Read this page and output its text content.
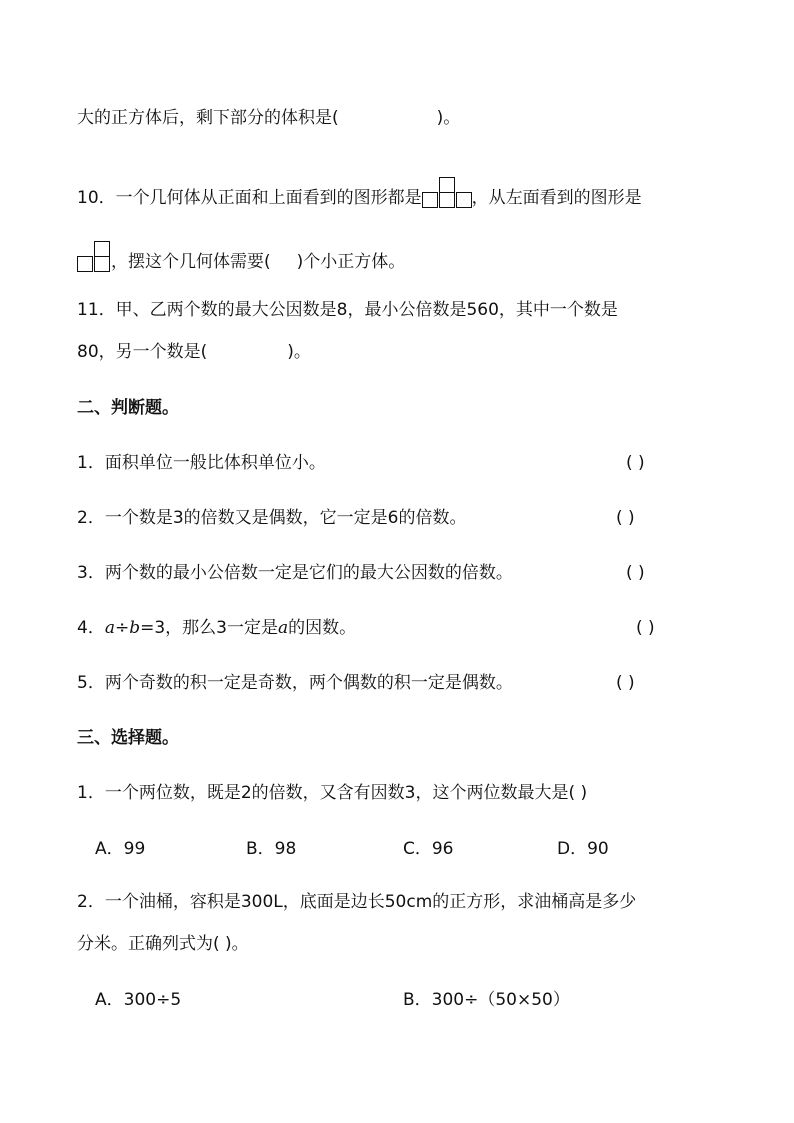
大的正方体后，剩下部分的体积是(	)。
10．一个几何体从正面和上面看到的图形都是	，从左面看到的图形是
，摆这个几何体需要( )个小正方体。
11．甲、乙两个数的最大公因数是8，最小公倍数是560，其中一个数是
80，另一个数是(	)。
二、判断题。
1．面积单位一般比体积单位小。	( )
2．一个数是3的倍数又是偶数，它一定是6的倍数。	( )
3．两个数的最小公倍数一定是它们的最大公因数的倍数。	( )
4．a÷b=3，那么3一定是a的因数。	( )
5．两个奇数的积一定是奇数，两个偶数的积一定是偶数。	( )
三、选择题。
1．一个两位数，既是2的倍数，又含有因数3，这个两位数最大是( )
A．99	B．98	C．96	D．90
2．一个油桶，容积是300L，底面是边长50cm的正方形，求油桶高是多少
分米。正确列式为( )。
A．300÷5	B．300÷（50×50）
